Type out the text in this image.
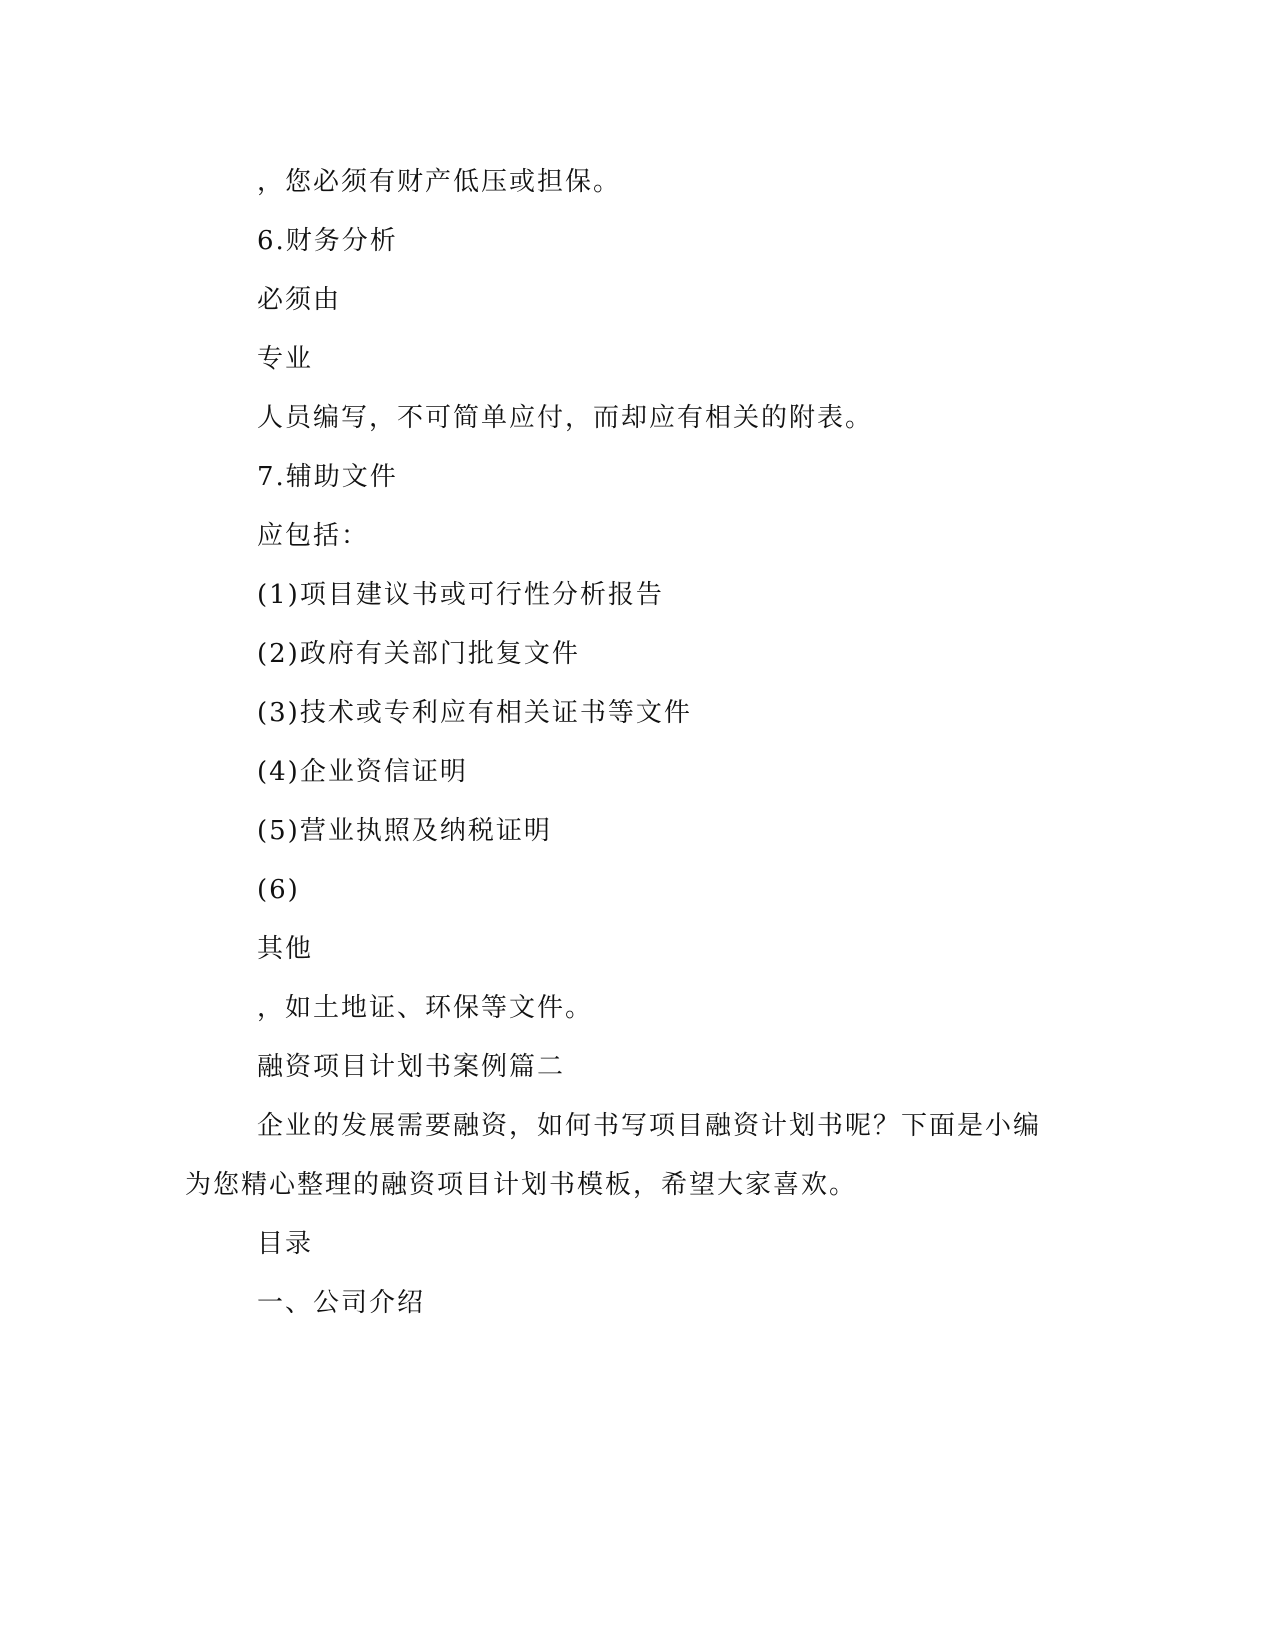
，您必须有财产低压或担保。
6.财务分析
必须由
专业
人员编写，不可简单应付，而却应有相关的附表。
7.辅助文件
应包括：
(1)项目建议书或可行性分析报告
(2)政府有关部门批复文件
(3)技术或专利应有相关证书等文件
(4)企业资信证明
(5)营业执照及纳税证明
(6)
其他
，如土地证、环保等文件。
融资项目计划书案例篇二
企业的发展需要融资，如何书写项目融资计划书呢？下面是小编
为您精心整理的融资项目计划书模板，希望大家喜欢。
目录
一、公司介绍
